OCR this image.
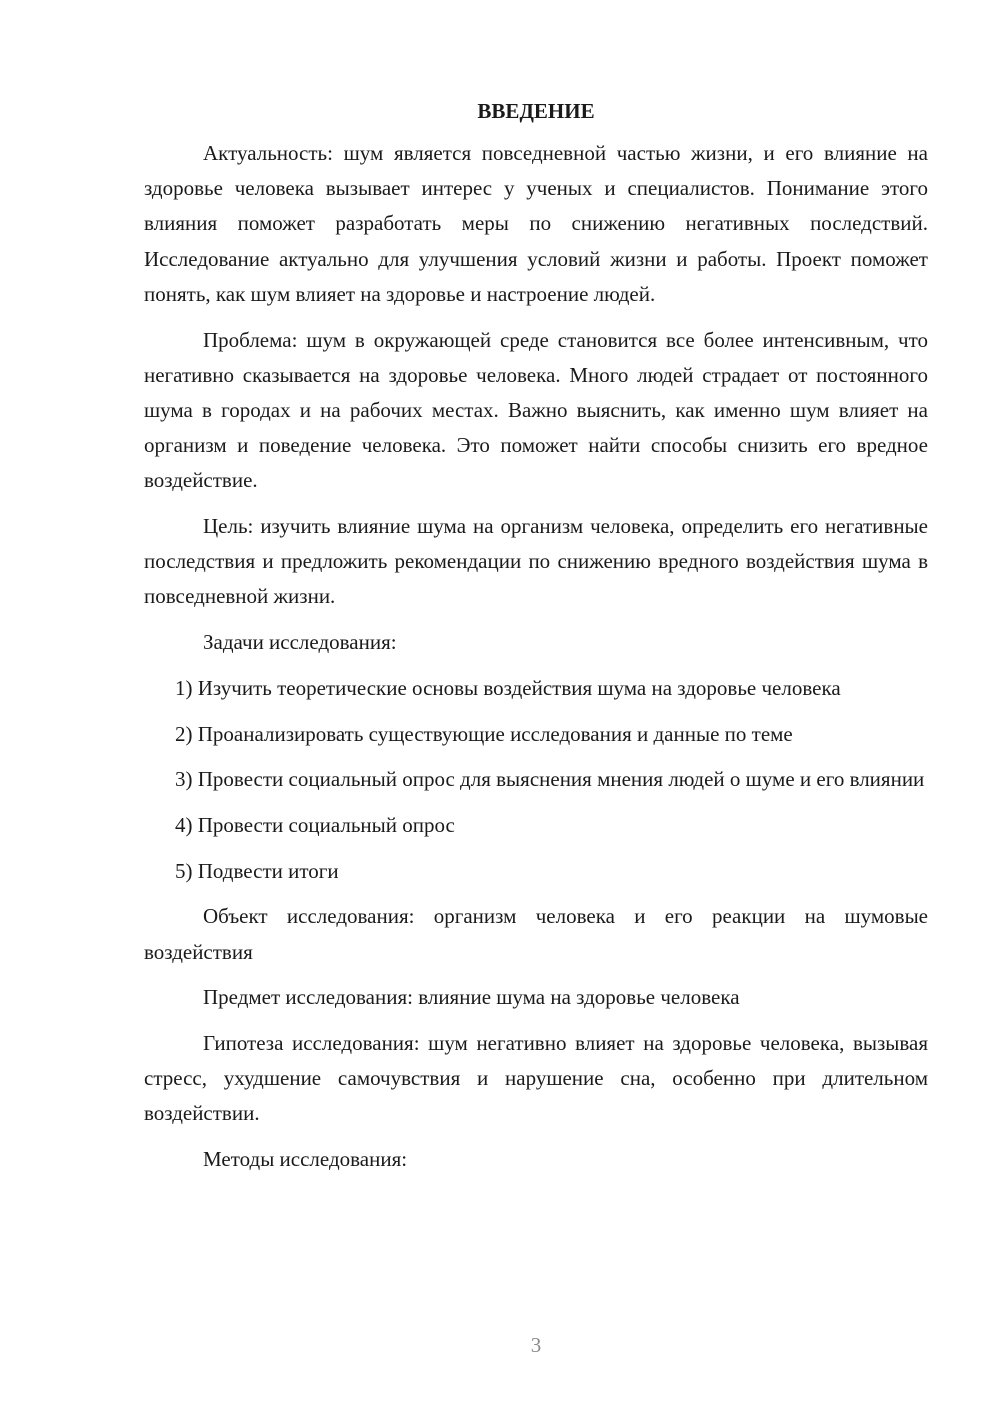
ВВЕДЕНИЕ

Актуальность: шум является повседневной частью жизни, и его влияние на здоровье человека вызывает интерес у ученых и специалистов. Понимание этого влияния поможет разработать меры по снижению негативных последствий. Исследование актуально для улучшения условий жизни и работы. Проект поможет понять, как шум влияет на здоровье и настроение людей.

Проблема: шум в окружающей среде становится все более интенсивным, что негативно сказывается на здоровье человека. Много людей страдает от постоянного шума в городах и на рабочих местах. Важно выяснить, как именно шум влияет на организм и поведение человека. Это поможет найти способы снизить его вредное воздействие.

Цель: изучить влияние шума на организм человека, определить его негативные последствия и предложить рекомендации по снижению вредного воздействия шума в повседневной жизни.

Задачи исследования:

1) Изучить теоретические основы воздействия шума на здоровье человека

2) Проанализировать существующие исследования и данные по теме

3) Провести социальный опрос для выяснения мнения людей о шуме и его влиянии

4) Провести социальный опрос

5) Подвести итоги

Объект исследования: организм человека и его реакции на шумовые воздействия

Предмет исследования: влияние шума на здоровье человека

Гипотеза исследования: шум негативно влияет на здоровье человека, вызывая стресс, ухудшение самочувствия и нарушение сна, особенно при длительном воздействии.

Методы исследования:

3
